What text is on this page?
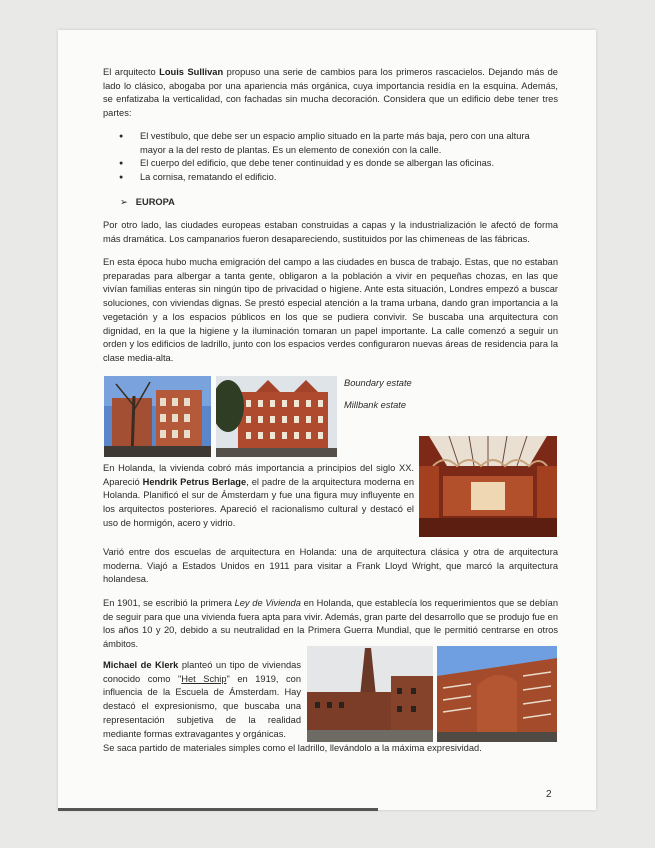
El arquitecto Louis Sullivan propuso una serie de cambios para los primeros rascacielos. Dejando más de lado lo clásico, abogaba por una apariencia más orgánica, cuya importancia residía en la esquina. Además, se enfatizaba la verticalidad, con fachadas sin mucha decoración. Considera que un edificio debe tener tres partes:
● El vestíbulo, que debe ser un espacio amplio situado en la parte más baja, pero con una altura mayor a la del resto de plantas. Es un elemento de conexión con la calle.
● El cuerpo del edificio, que debe tener continuidad y es donde se albergan las oficinas.
● La cornisa, rematando el edificio.
➢ EUROPA
Por otro lado, las ciudades europeas estaban construidas a capas y la industrialización le afectó de forma más dramática. Los campanarios fueron desapareciendo, sustituidos por las chimeneas de las fábricas.
En esta época hubo mucha emigración del campo a las ciudades en busca de trabajo. Estas, que no estaban preparadas para albergar a tanta gente, obligaron a la población a vivir en pequeñas chozas, en las que vivían familias enteras sin ningún tipo de privacidad o higiene. Ante esta situación, Londres empezó a buscar soluciones, con viviendas dignas. Se prestó especial atención a la trama urbana, dando gran importancia a la vegetación y a los espacios públicos en los que se pudiera convivir. Se buscaba una arquitectura con dignidad, en la que la higiene y la iluminación tomaran un papel importante. La calle comenzó a seguir un orden y los edificios de ladrillo, junto con los espacios verdes configuraron nuevas áreas de residencia para la clase media-alta.
Boundary estate
Millbank estate
En Holanda, la vivienda cobró más importancia a principios del siglo XX. Apareció Hendrik Petrus Berlage, el padre de la arquitectura moderna en Holanda. Planificó el sur de Ámsterdam y fue una figura muy influyente en los arquitectos posteriores. Apareció el racionalismo cultural y destacó el uso de hormigón, acero y vidrio.
Varió entre dos escuelas de arquitectura en Holanda: una de arquitectura clásica y otra de arquitectura moderna. Viajó a Estados Unidos en 1911 para visitar a Frank Lloyd Wright, que marcó la arquitectura holandesa.
En 1901, se escribió la primera Ley de Vivienda en Holanda, que establecía los requerimientos que se debían de seguir para que una vivienda fuera apta para vivir. Además, gran parte del desarrollo que se produjo fue en los años 10 y 20, debido a su neutralidad en la Primera Guerra Mundial, que le permitió centrarse en otros ámbitos.
Michael de Klerk planteó un tipo de viviendas conocido como "Het Schip" en 1919, con influencia de la Escuela de Ámsterdam. Hay destacó el expresionismo, que buscaba una representación subjetiva de la realidad mediante formas extravagantes y orgánicas.
Se saca partido de materiales simples como el ladrillo, llevándolo a la máxima expresividad.
2
